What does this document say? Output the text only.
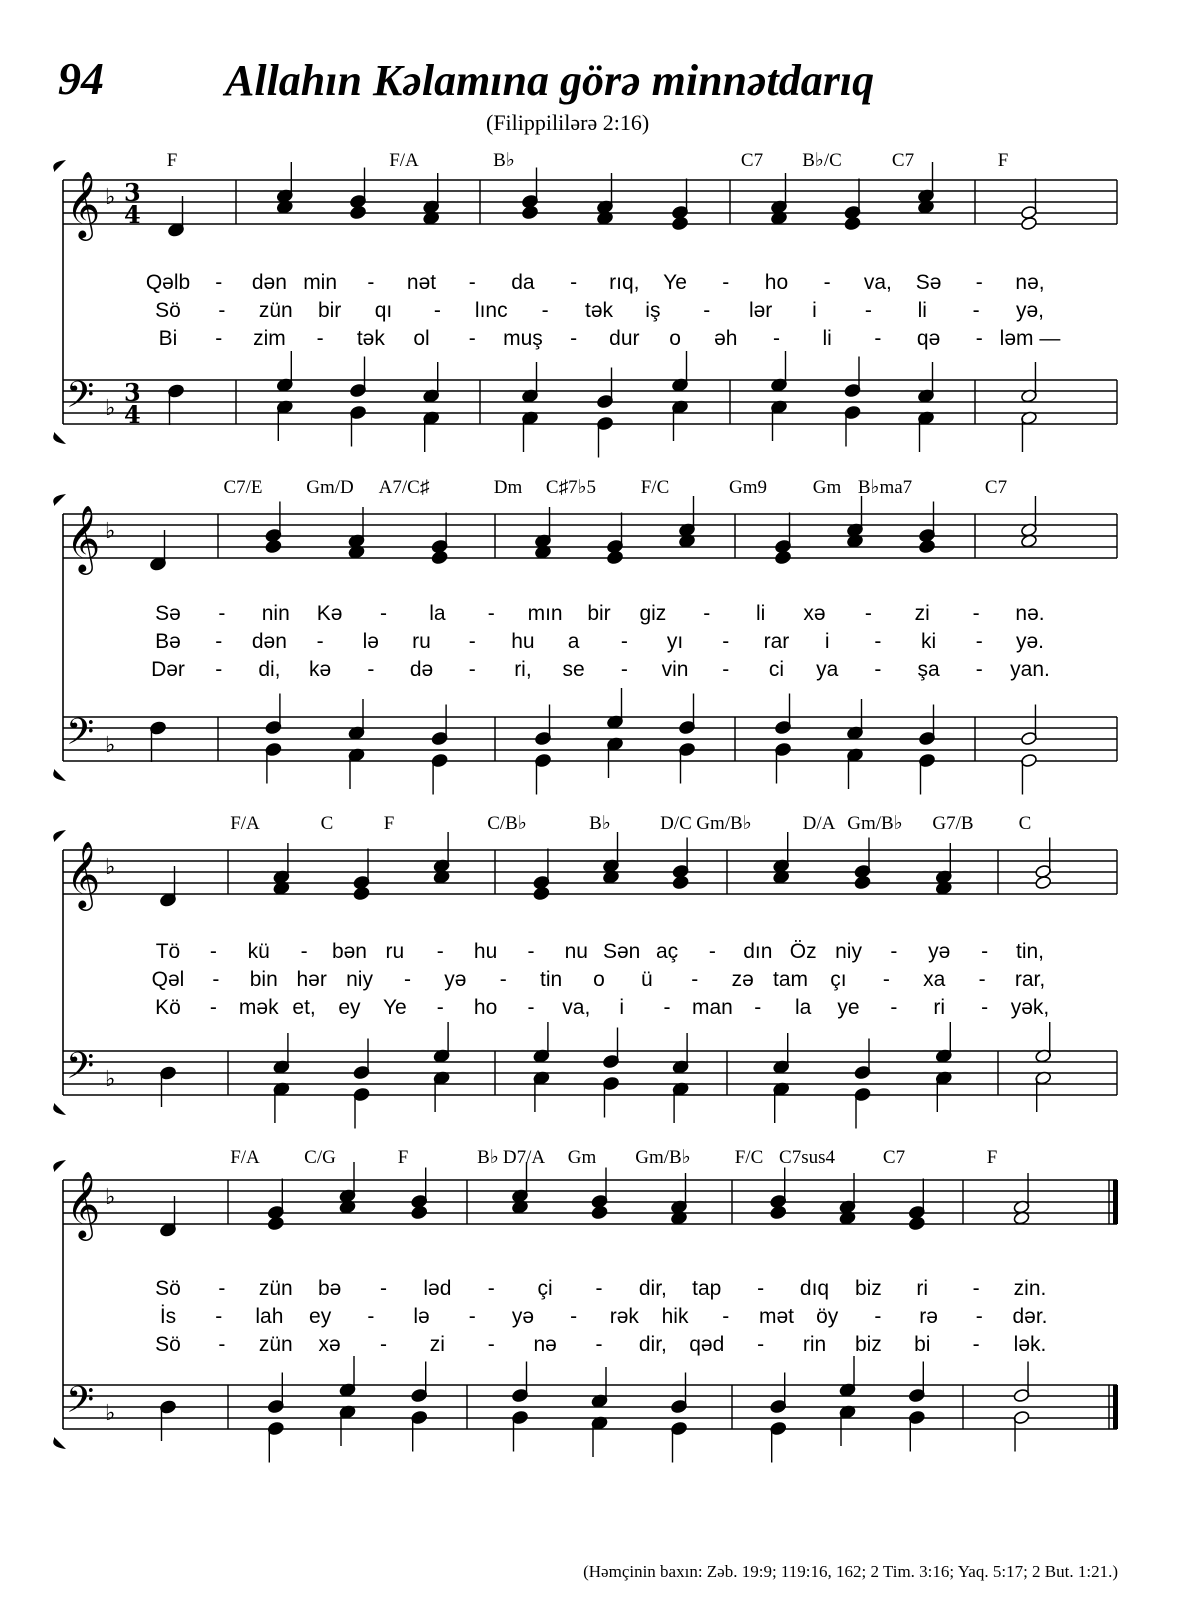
94	Allahın Kəlamına görə minnətdarıq
(Filippililərə 2:16)
𝄞
𝄢
♭
♭
3
4
3
4
F	F/A	B♭	C7 B♭/C	C7	F
Qəlb - dən min - nət - da - rıq, Ye - ho - va, Sə - nə,
Sö - zün bir qı - lınc - tək iş - lər i - li - yə,
Bi - zim - tək ol - muş - dur o əh - li - qə - ləm —
𝄞
𝄢
♭
♭
C7/E Gm/D A7/C♯	Dm C♯7♭5 F/C	Gm9 Gm B♭ma7	C7
Sə - nin Kə - la - mın bir giz - li xə - zi - nə.
Bə - dən - lə ru - hu a - yı - rar i - ki - yə.
Dər - di, kə - də - ri, se - vin - ci ya - şa - yan.
𝄞
𝄢
♭
♭
F/A	C	F	C/B♭	B♭	D/C Gm/B♭	D/A Gm/B♭ G7/B C
Tö - kü - bən ru - hu - nu Sən aç - dın Öz niy - yə - tin,
Qəl - bin hər niy - yə - tin o ü - zə tam çı - xa - rar,
Kö - mək et, ey Ye - ho - va, i - man - la ye - ri - yək,
𝄞
𝄢
♭
♭
F/A C/G	F	B♭ D7/A Gm Gm/B♭ F/C C7sus4	C7	F
Sö - zün bə - ləd - çi - dir, tap - dıq biz ri - zin.
İs - lah ey - lə - yə - rək hik - mət öy - rə - dər.
Sö - zün xə - zi - nə - dir, qəd - rin biz bi - lək.
(Həmçinin baxın: Zəb. 19:9; 119:16, 162; 2 Tim. 3:16; Yaq. 5:17; 2 But. 1:21.)
